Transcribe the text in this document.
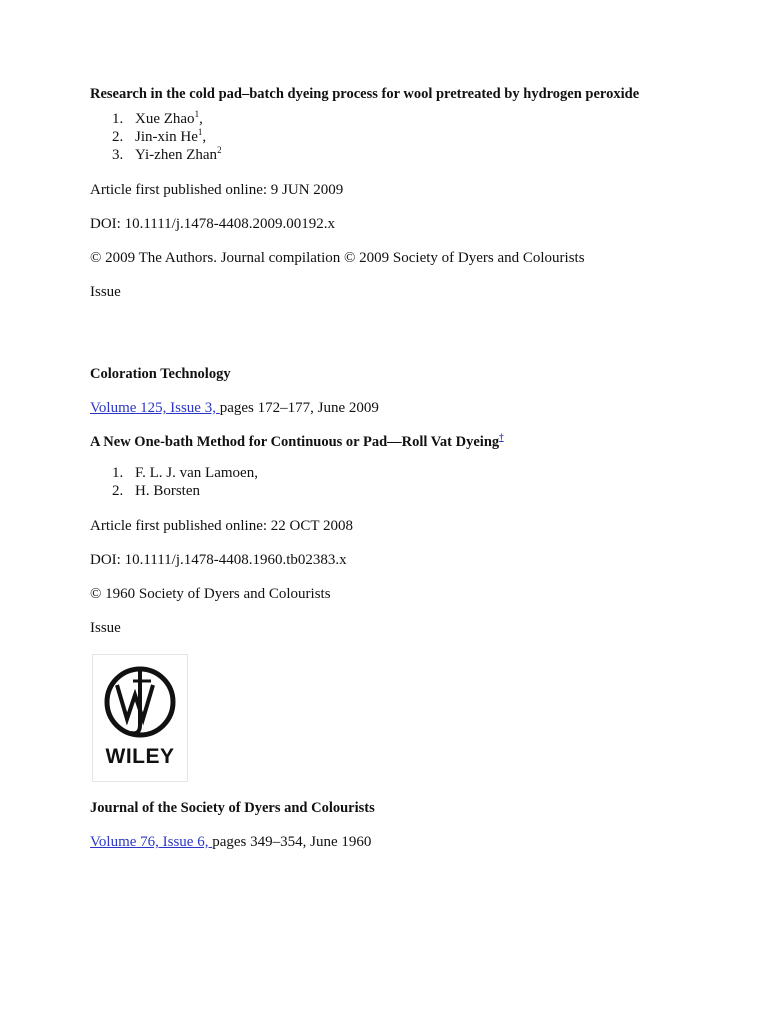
Research in the cold pad–batch dyeing process for wool pretreated by hydrogen peroxide

1. Xue Zhao$^1$,
2. Jin-xin He$^1$,
3. Yi-zhen Zhan$^2$

Article first published online: 9 JUN 2009

DOI: 10.1111/j.1478-4408.2009.00192.x

© 2009 The Authors. Journal compilation © 2009 Society of Dyers and Colourists

Issue

Coloration Technology

Volume 125, Issue 3, pages 172–177, June 2009

A New One-bath Method for Continuous or Pad—Roll Vat Dyeing†

1. F. L. J. van Lamoen,
2. H. Borsten

Article first published online: 22 OCT 2008

DOI: 10.1111/j.1478-4408.1960.tb02383.x

© 1960 Society of Dyers and Colourists

Issue

WILEY

Journal of the Society of Dyers and Colourists

Volume 76, Issue 6, pages 349–354, June 1960
